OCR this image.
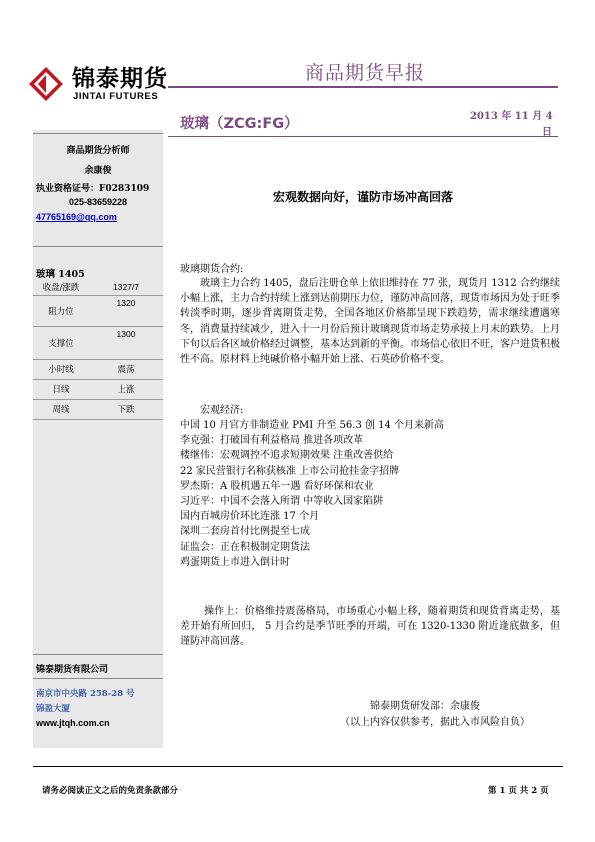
锦泰期货
JINTAI FUTURES
商品期货早报
商品期货分析师
余康俊
执业资格证号：F0283109
025-83659228
47765169@qq.com
玻璃 1405
收盘/涨跌	1327/7
阻力位	1320
支撑位	1300
小时线	震荡
日线	上涨
周线	下跌
锦泰期货有限公司
南京市中央路 258-28 号
锦盈大厦
www.jtqh.com.cn
玻璃（ZCG:FG）	2013 年 11 月 4
日
宏观数据向好，谨防市场冲高回落
玻璃期货合约:
玻璃主力合约 1405，盘后注册仓单上依旧维持在 77 张，现货月 1312 合约继续小幅上涨，主力合约持续上涨到达前期压力位，谨防冲高回落，现货市场因为处于旺季转淡季时期，逐步背离期货走势，全国各地区价格都呈现下跌趋势，需求继续遭遇寒冬，消费量持续减少，进入十一月份后预计玻璃现货市场走势承接上月末的跌势。上月下旬以后各区域价格经过调整，基本达到新的平衡。市场信心依旧不旺，客户进货积极性不高。原材料上纯碱价格小幅开始上涨、石英砂价格不变。
宏观经济:
中国 10 月官方非制造业 PMI 升至 56.3 创 14 个月来新高
李克强：打破国有利益格局 推进各项改革
楼继伟：宏观调控不追求短期效果 注重改善供给
22 家民营银行名称获核准 上市公司抢挂金字招牌
罗杰斯：A 股机遇五年一遇 看好环保和农业
习近平：中国不会落入所谓 中等收入国家陷阱
国内百城房价环比连涨 17 个月
深圳二套房首付比例提至七成
证监会：正在积极制定期货法
鸡蛋期货上市进入倒计时
操作上：价格维持震荡格局，市场重心小幅上移，随着期货和现货背离走势，基差开始有所回归， 5 月合约是季节旺季的开端，可在 1320-1330 附近逢底做多，但谨防冲高回落。
锦泰期货研发部：余康俊
（以上内容仅供参考，据此入市风险自负）
请务必阅读正文之后的免责条款部分	第 1 页 共 2 页
